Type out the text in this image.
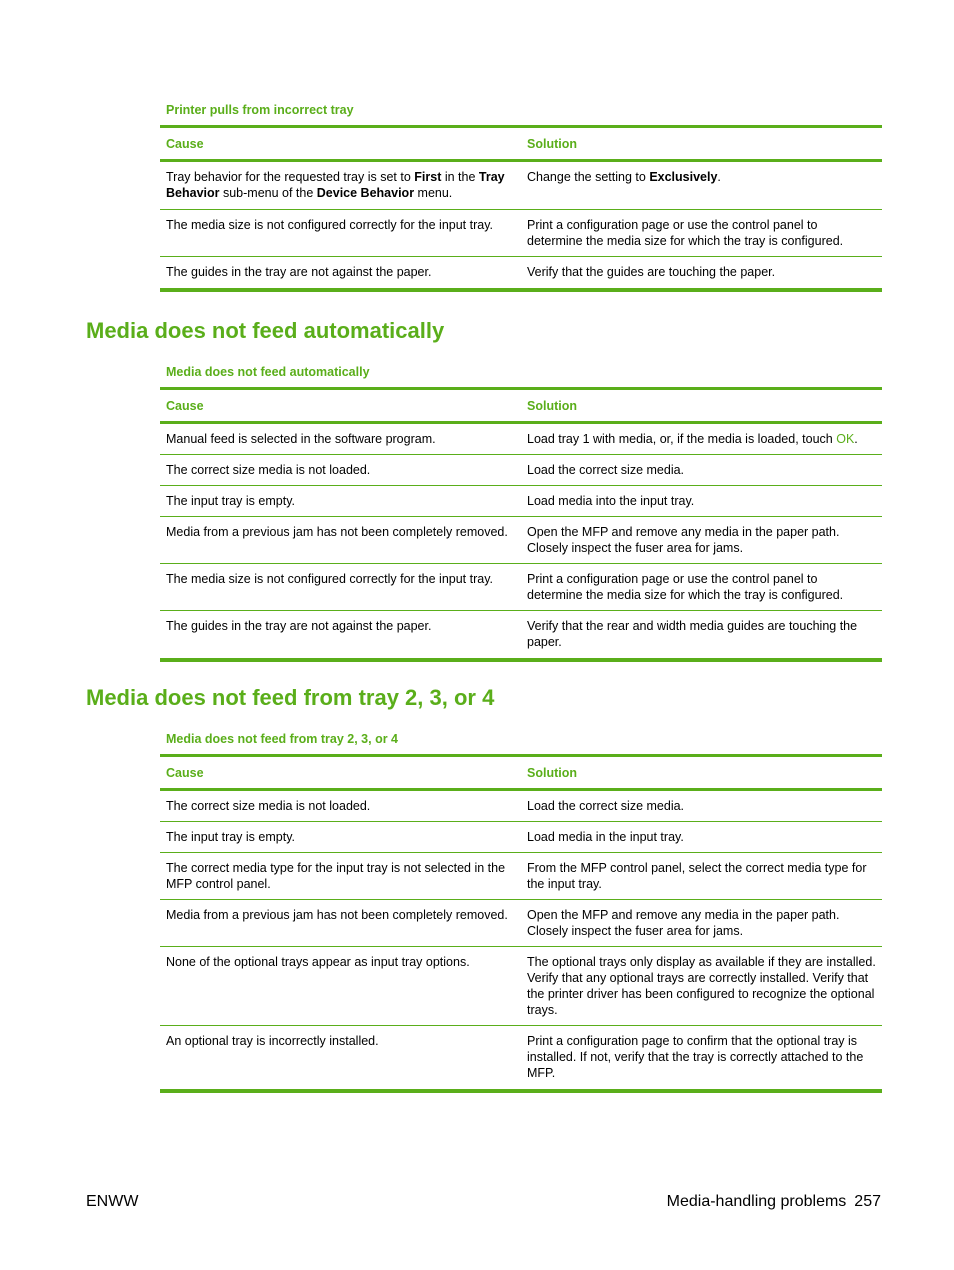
Printer pulls from incorrect tray
Cause	Solution
Tray behavior for the requested tray is set to First in the Tray Behavior sub-menu of the Device Behavior menu.	Change the setting to Exclusively.
The media size is not configured correctly for the input tray.	Print a configuration page or use the control panel to determine the media size for which the tray is configured.
The guides in the tray are not against the paper.	Verify that the guides are touching the paper.
Media does not feed automatically
Media does not feed automatically
Cause	Solution
Manual feed is selected in the software program.	Load tray 1 with media, or, if the media is loaded, touch OK.
The correct size media is not loaded.	Load the correct size media.
The input tray is empty.	Load media into the input tray.
Media from a previous jam has not been completely removed.	Open the MFP and remove any media in the paper path. Closely inspect the fuser area for jams.
The media size is not configured correctly for the input tray.	Print a configuration page or use the control panel to determine the media size for which the tray is configured.
The guides in the tray are not against the paper.	Verify that the rear and width media guides are touching the paper.
Media does not feed from tray 2, 3, or 4
Media does not feed from tray 2, 3, or 4
Cause	Solution
The correct size media is not loaded.	Load the correct size media.
The input tray is empty.	Load media in the input tray.
The correct media type for the input tray is not selected in the MFP control panel.	From the MFP control panel, select the correct media type for the input tray.
Media from a previous jam has not been completely removed.	Open the MFP and remove any media in the paper path. Closely inspect the fuser area for jams.
None of the optional trays appear as input tray options.	The optional trays only display as available if they are installed. Verify that any optional trays are correctly installed. Verify that the printer driver has been configured to recognize the optional trays.
An optional tray is incorrectly installed.	Print a configuration page to confirm that the optional tray is installed. If not, verify that the tray is correctly attached to the MFP.
ENWW	Media-handling problems 257
